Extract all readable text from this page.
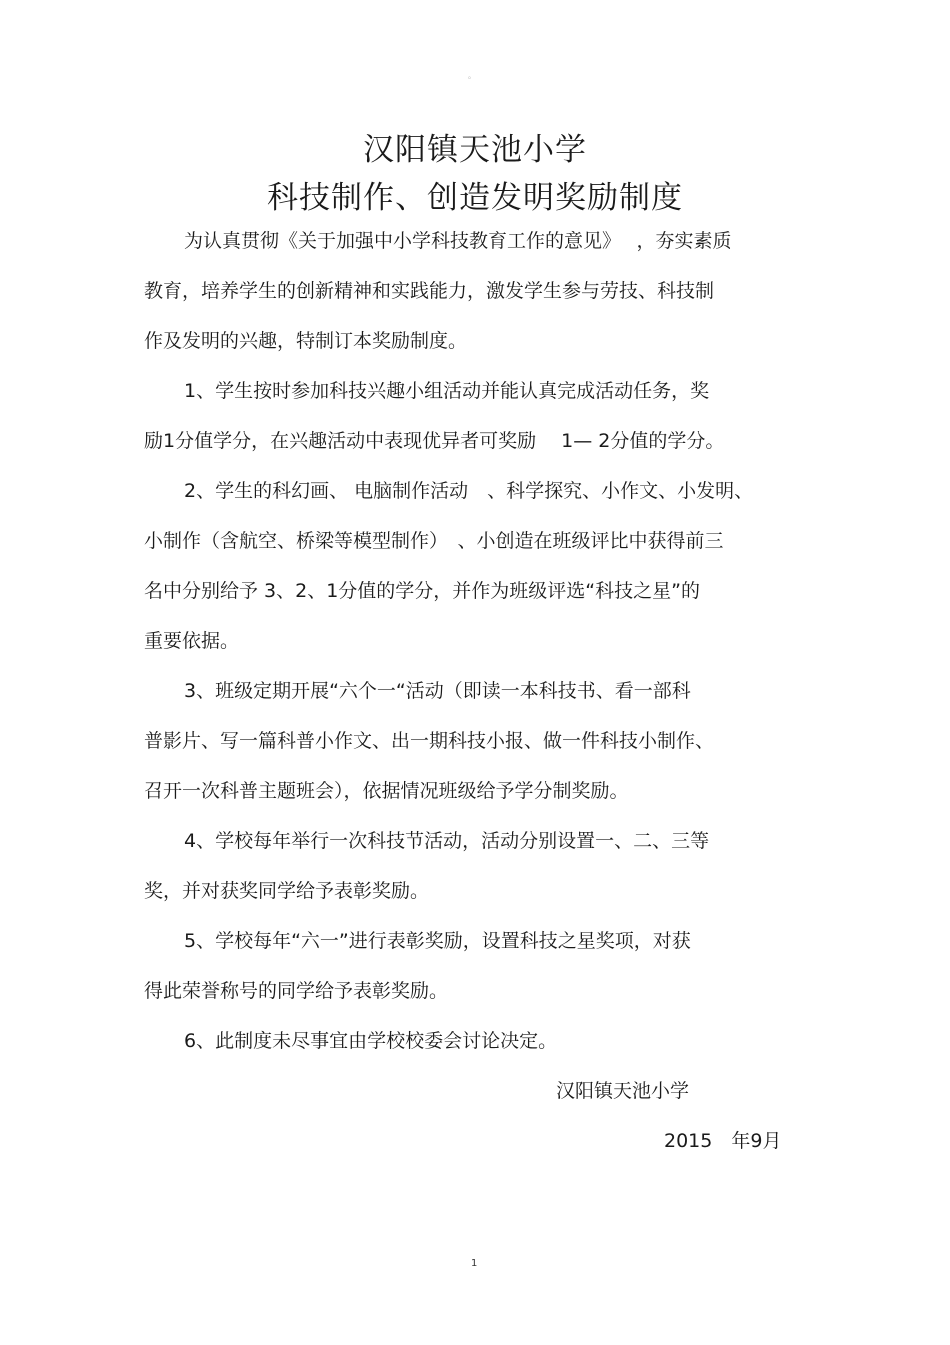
。
汉阳镇天池小学
科技制作、创造发明奖励制度
为认真贯彻《关于加强中小学科技教育工作的意见》　 ，夯实素质
教育，培养学生的创新精神和实践能力，激发学生参与劳技、科技制
作及发明的兴趣，特制订本奖励制度。
1、学生按时参加科技兴趣小组活动并能认真完成活动任务，奖
励1分值学分，在兴趣活动中表现优异者可奖励　 1— 2分值的学分。
2、学生的科幻画、 电脑制作活动　、科学探究、小作文、小发明、
小制作（含航空、桥梁等模型制作）　、小创造在班级评比中获得前三
名中分别给予 3、2、1分值的学分，并作为班级评选“科技之星”的
重要依据。
3、班级定期开展“六个一“活动（即读一本科技书、看一部科
普影片、写一篇科普小作文、出一期科技小报、做一件科技小制作、
召开一次科普主题班会），依据情况班级给予学分制奖励。
4、学校每年举行一次科技节活动，活动分别设置一、二、三等
奖，并对获奖同学给予表彰奖励。
5、学校每年“六一”进行表彰奖励，设置科技之星奖项，对获
得此荣誉称号的同学给予表彰奖励。
6、此制度未尽事宜由学校校委会讨论决定。
汉阳镇天池小学
2015　年9月
1
